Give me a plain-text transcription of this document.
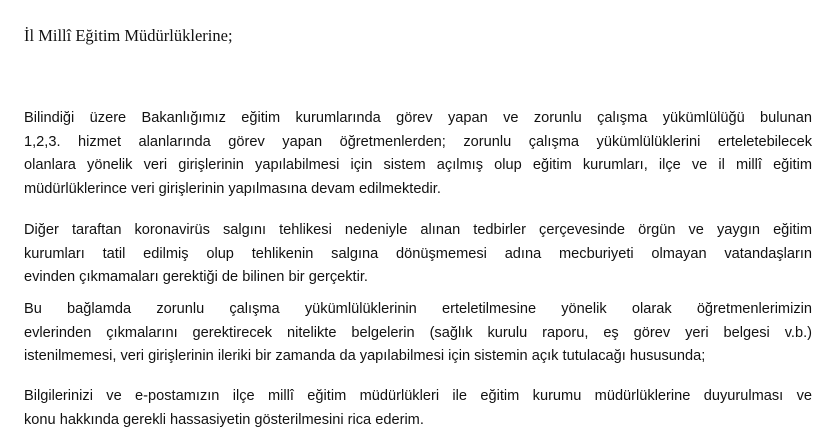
İl Millî Eğitim Müdürlüklerine;

Bilindiği üzere Bakanlığımız eğitim kurumlarında görev yapan ve zorunlu çalışma yükümlülüğü bulunan
1,2,3. hizmet alanlarında görev yapan öğretmenlerden; zorunlu çalışma yükümlülüklerini erteletebilecek
olanlara yönelik veri girişlerinin yapılabilmesi için sistem açılmış olup eğitim kurumları, ilçe ve il millî eğitim
müdürlüklerince veri girişlerinin yapılmasına devam edilmektedir.

Diğer taraftan koronavirüs salgını tehlikesi nedeniyle alınan tedbirler çerçevesinde örgün ve yaygın eğitim
kurumları tatil edilmiş olup tehlikenin salgına dönüşmemesi adına mecburiyeti olmayan vatandaşların
evinden çıkmamaları gerektiği de bilinen bir gerçektir.

Bu bağlamda zorunlu çalışma yükümlülüklerinin erteletilmesine yönelik olarak öğretmenlerimizin
evlerinden çıkmalarını gerektirecek nitelikte belgelerin (sağlık kurulu raporu, eş görev yeri belgesi v.b.)
istenilmemesi, veri girişlerinin ileriki bir zamanda da yapılabilmesi için sistemin açık tutulacağı hususunda;

Bilgilerinizi ve e-postamızın ilçe millî eğitim müdürlükleri ile eğitim kurumu müdürlüklerine duyurulması ve
konu hakkında gerekli hassasiyetin gösterilmesini rica ederim.
